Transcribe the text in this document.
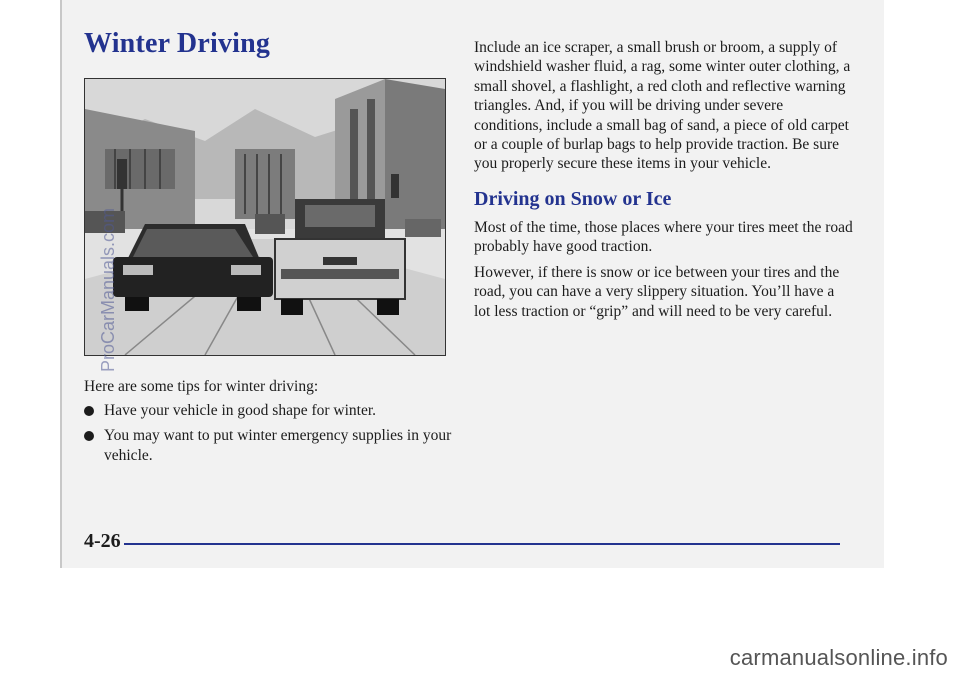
Winter Driving

Here are some tips for winter driving:

Have your vehicle in good shape for winter.
You may want to put winter emergency supplies in your vehicle.

Include an ice scraper, a small brush or broom, a supply of windshield washer fluid, a rag, some winter outer clothing, a small shovel, a flashlight, a red cloth and reflective warning triangles. And, if you will be driving under severe conditions, include a small bag of sand, a piece of old carpet or a couple of burlap bags to help provide traction. Be sure you properly secure these items in your vehicle.

Driving on Snow or Ice

Most of the time, those places where your tires meet the road probably have good traction.

However, if there is snow or ice between your tires and the road, you can have a very slippery situation. You’ll have a lot less traction or “grip” and will need to be very careful.

4-26
ProCarManuals.com
carmanualsonline.info
